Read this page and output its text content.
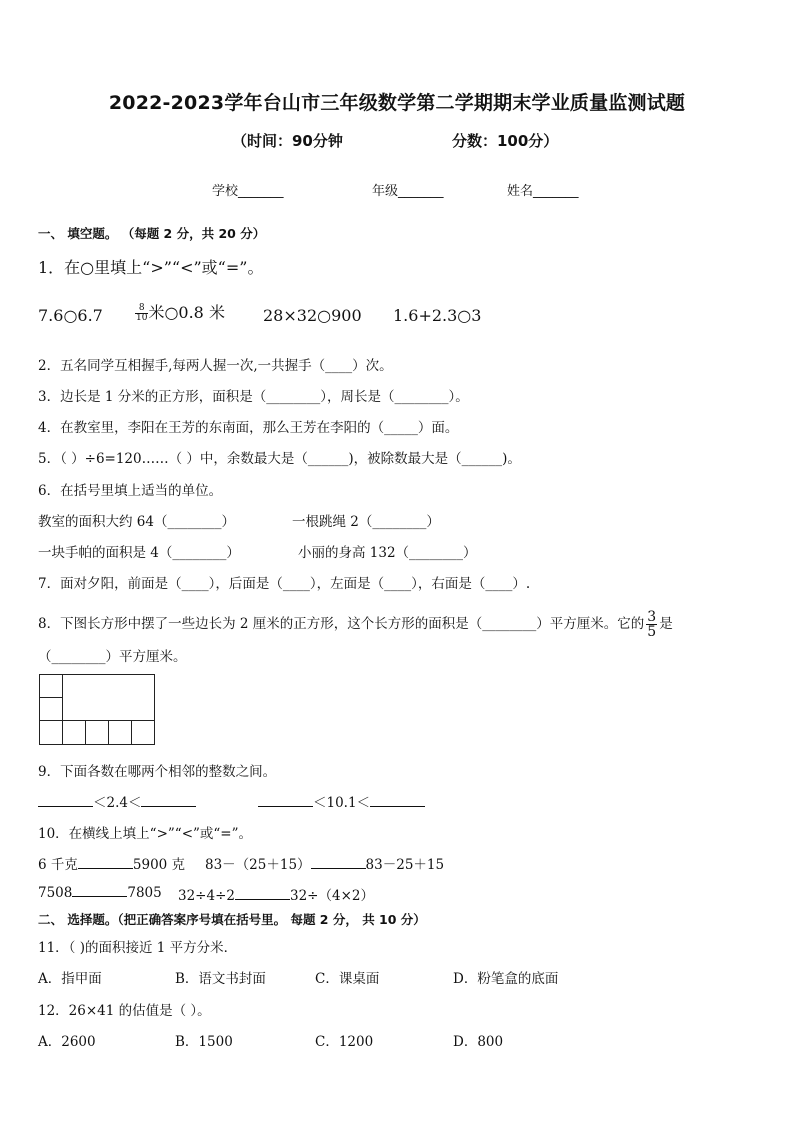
2022-2023学年台山市三年级数学第二学期期末学业质量监测试题
（时间：90分钟	分数：100分）
学校_______	年级_______	姓名_______
一、 填空题。 （每题 2 分，共 20 分）
1．在○里填上“>”“<”或“=”。
7.6○6.7	$\frac{8}{10}$ 米○0.8 米 28×32○900 1.6+2.3○3
2．五名同学互相握手,每两人握一次,一共握手（____）次。
3．边长是 1 分米的正方形，面积是（________），周长是（________）。
4．在教室里，李阳在王芳的东南面，那么王芳在李阳的（_____）面。
5．（ ）÷6=120……（ ）中，余数最大是（______)，被除数最大是（______)。
6．在括号里填上适当的单位。
教室的面积大约 64（________）	一根跳绳 2（________）
一块手帕的面积是 4（________）	小丽的身高 132（________）
7．面对夕阳，前面是（____），后面是（____），左面是（____），右面是（____）.
8．下图长方形中摆了一些边长为 2 厘米的正方形，这个长方形的面积是（________）平方厘米。它的 $\frac{3}{5}$ 是
（________）平方厘米。
9．下面各数在哪两个相邻的整数之间。
＜2.4＜	＜10.1＜
10．在横线上填上“>”“<”或“=”。
6 千克	5900 克 83－（25＋15）	83－25＋15
7508	7805 32÷4÷2	32÷（4×2）
二、 选择题。（把正确答案序号填在括号里。 每题 2 分， 共 10 分）
11．（ )的面积接近 1 平方分米．
A．指甲面	B．语文书封面	C．课桌面	D．粉笔盒的底面
12．26×41 的估值是（ ）。
A．2600	B．1500	C．1200	D．800
